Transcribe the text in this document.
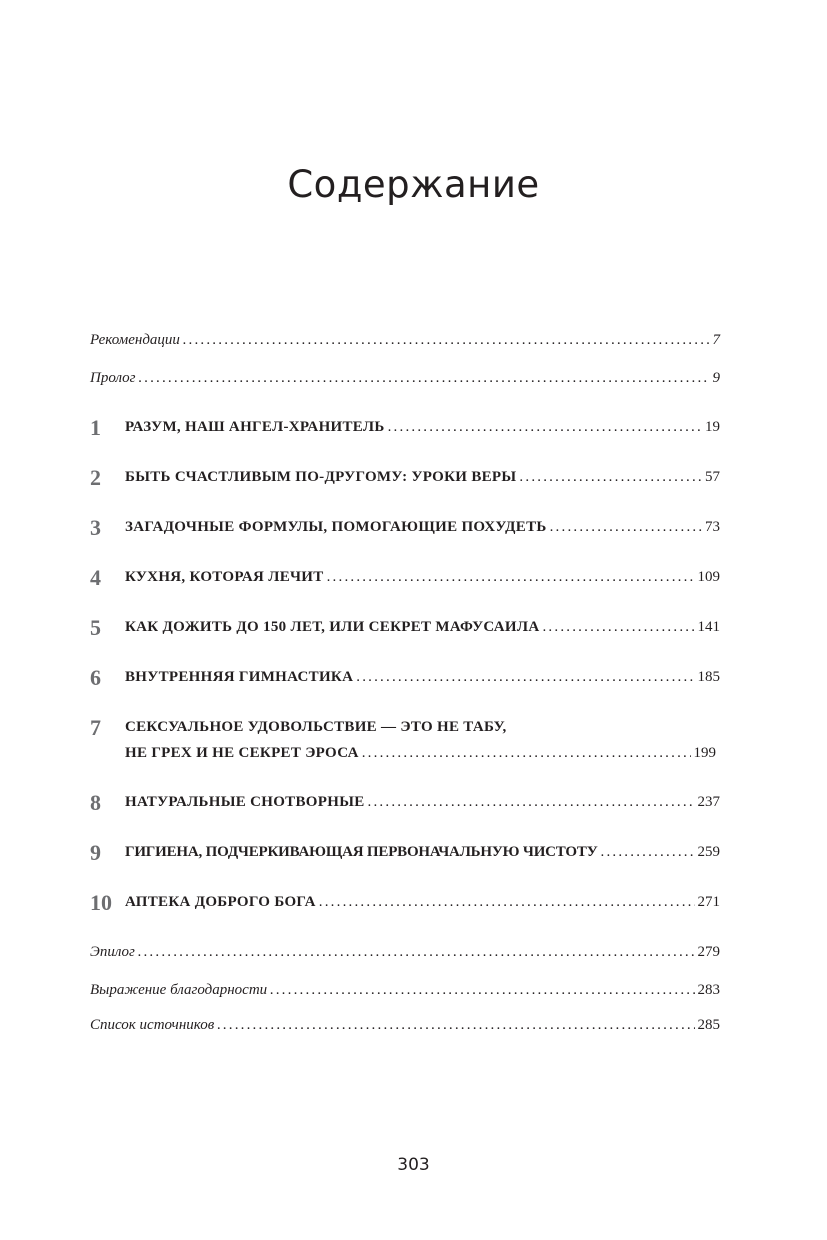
Содержание
Рекомендации .....	7
Пролог .....	9
1	РАЗУМ, НАШ АНГЕЛ-ХРАНИТЕЛЬ .....	19
2	БЫТЬ СЧАСТЛИВЫМ ПО-ДРУГОМУ: УРОКИ ВЕРЫ .....	57
3	ЗАГАДОЧНЫЕ ФОРМУЛЫ, ПОМОГАЮЩИЕ ПОХУДЕТЬ .....	73
4	КУХНЯ, КОТОРАЯ ЛЕЧИТ .....	109
5	КАК ДОЖИТЬ ДО 150 ЛЕТ, ИЛИ СЕКРЕТ МАФУСАИЛА .....	141
6	ВНУТРЕННЯЯ ГИМНАСТИКА .....	185
7	СЕКСУАЛЬНОЕ УДОВОЛЬСТВИЕ — ЭТО НЕ ТАБУ,
НЕ ГРЕХ И НЕ СЕКРЕТ ЭРОСА .....	199
8	НАТУРАЛЬНЫЕ СНОТВОРНЫЕ .....	237
9	ГИГИЕНА, ПОДЧЕРКИВАЮЩАЯ ПЕРВОНАЧАЛЬНУЮ ЧИСТОТУ .....	259
10 АПТЕКА ДОБРОГО БОГА .....	271
Эпилог .....	279
Выражение благодарности .....	283
Список источников .....	285
303
